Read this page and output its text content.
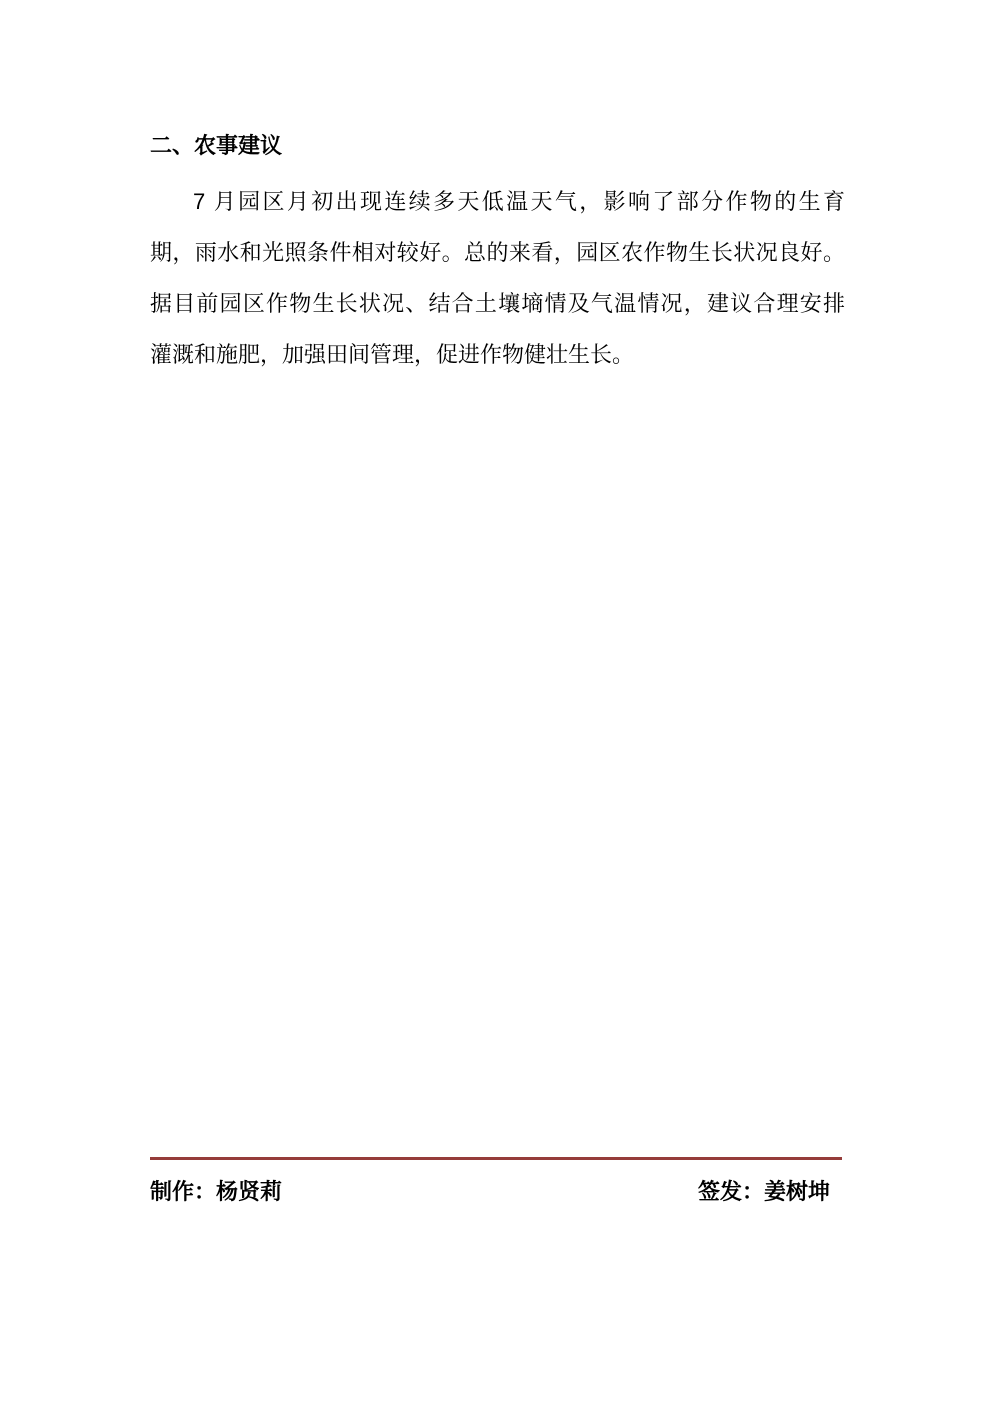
二、农事建议

7 月园区月初出现连续多天低温天气，影响了部分作物的生育

期，雨水和光照条件相对较好。总的来看，园区农作物生长状况良好。

据目前园区作物生长状况、结合土壤墒情及气温情况，建议合理安排

灌溉和施肥，加强田间管理，促进作物健壮生长。

制作：杨贤莉	签发：姜树坤
